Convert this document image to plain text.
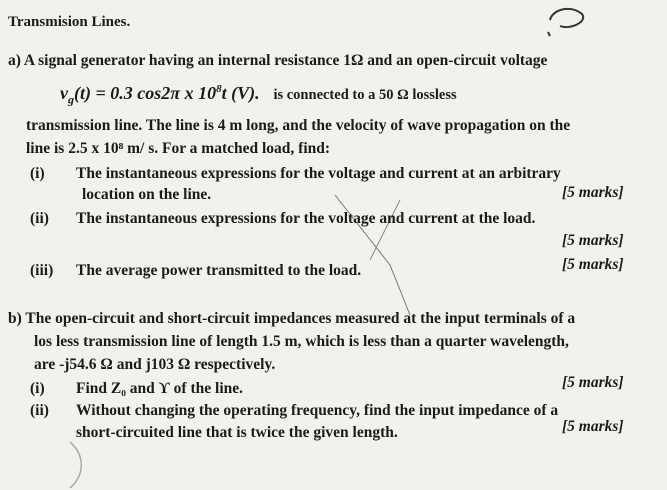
Transmision Lines.
a) A signal generator having an internal resistance 1Ω and an open-circuit voltage
$v_g(t) = 0.3$ cos2π x $10^8t$ (V). is connected to a 50 Ω lossless
transmission line. The line is 4 m long, and the velocity of wave propagation on the
line is 2.5 x 10⁸ m/ s. For a matched load, find:
(i) The instantaneous expressions for the voltage and current at an arbitrary
location on the line.	[5 marks]
(ii) The instantaneous expressions for the voltage and current at the load.
[5 marks]
(iii) The average power transmitted to the load.	[5 marks]
b) The open-circuit and short-circuit impedances measured at the input terminals of a
los less transmission line of length 1.5 m, which is less than a quarter wavelength,
are -j54.6 Ω and j103 Ω respectively.
(i) Find Z₀ and ϒ of the line.	[5 marks]
(ii) Without changing the operating frequency, find the input impedance of a
short-circuited line that is twice the given length.	[5 marks]
